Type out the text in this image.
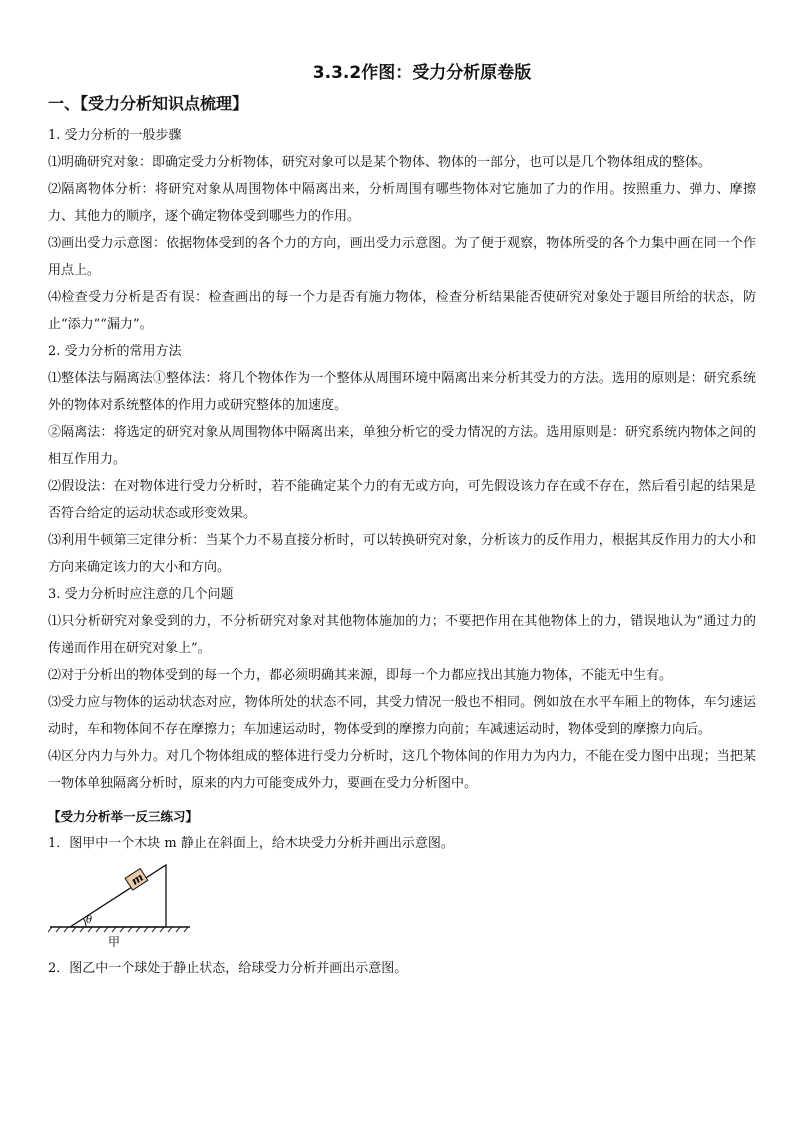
3.3.2作图：受力分析原卷版
一、【受力分析知识点梳理】
1. 受力分析的一般步骤
⑴明确研究对象：即确定受力分析物体，研究对象可以是某个物体、物体的一部分，也可以是几个物体组成的整体。
⑵隔离物体分析：将研究对象从周围物体中隔离出来，分析周围有哪些物体对它施加了力的作用。按照重力、弹力、摩擦力、其他力的顺序，逐个确定物体受到哪些力的作用。
⑶画出受力示意图：依据物体受到的各个力的方向，画出受力示意图。为了便于观察，物体所受的各个力集中画在同一个作用点上。
⑷检查受力分析是否有误：检查画出的每一个力是否有施力物体，检查分析结果能否使研究对象处于题目所给的状态，防止“添力”“漏力”。
2. 受力分析的常用方法
⑴整体法与隔离法①整体法：将几个物体作为一个整体从周围环境中隔离出来分析其受力的方法。选用的原则是：研究系统外的物体对系统整体的作用力或研究整体的加速度。
②隔离法：将选定的研究对象从周围物体中隔离出来，单独分析它的受力情况的方法。选用原则是：研究系统内物体之间的相互作用力。
⑵假设法：在对物体进行受力分析时，若不能确定某个力的有无或方向，可先假设该力存在或不存在，然后看引起的结果是否符合给定的运动状态或形变效果。
⑶利用牛顿第三定律分析：当某个力不易直接分析时，可以转换研究对象，分析该力的反作用力，根据其反作用力的大小和方向来确定该力的大小和方向。
3. 受力分析时应注意的几个问题
⑴只分析研究对象受到的力，不分析研究对象对其他物体施加的力；不要把作用在其他物体上的力，错误地认为“通过力的传递而作用在研究对象上”。
⑵对于分析出的物体受到的每一个力，都必须明确其来源，即每一个力都应找出其施力物体，不能无中生有。
⑶受力应与物体的运动状态对应，物体所处的状态不同，其受力情况一般也不相同。例如放在水平车厢上的物体，车匀速运动时，车和物体间不存在摩擦力；车加速运动时，物体受到的摩擦力向前；车减速运动时，物体受到的摩擦力向后。
⑷区分内力与外力。对几个物体组成的整体进行受力分析时，这几个物体间的作用力为内力，不能在受力图中出现；当把某一物体单独隔离分析时，原来的内力可能变成外力，要画在受力分析图中。
【受力分析举一反三练习】
1．图甲中一个木块 m 静止在斜面上，给木块受力分析并画出示意图。
θ
m
甲
2．图乙中一个球处于静止状态，给球受力分析并画出示意图。
